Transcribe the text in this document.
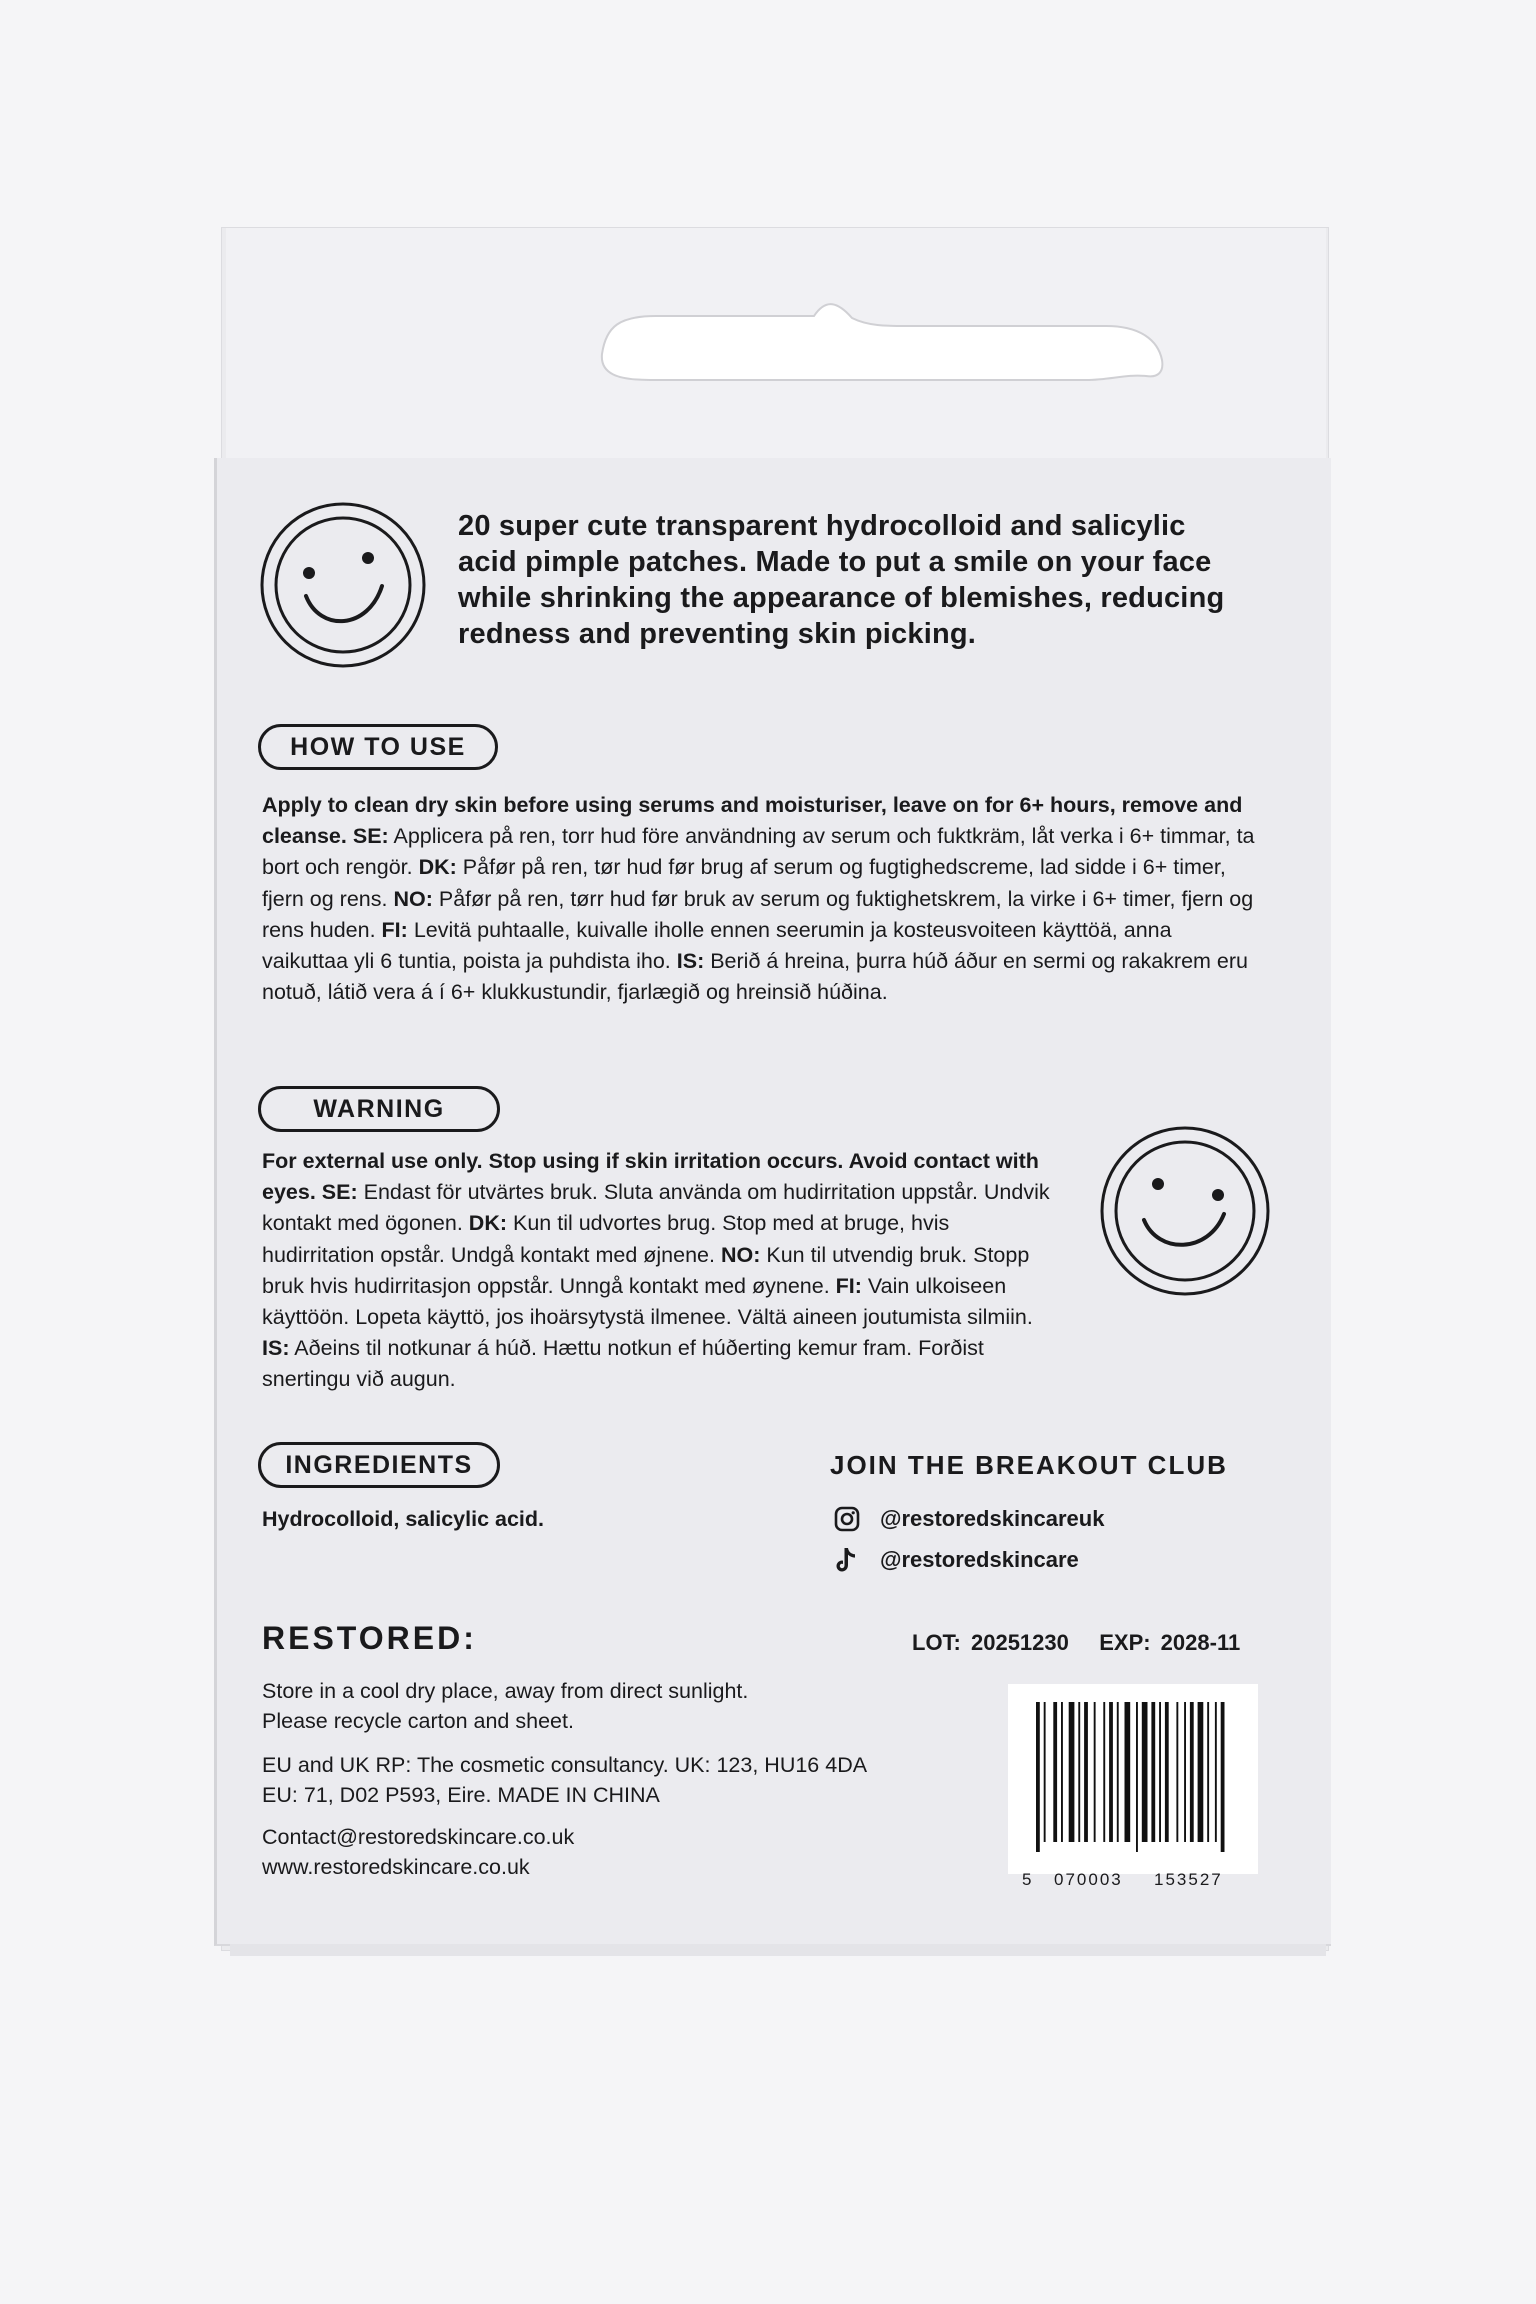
20 super cute transparent hydrocolloid and salicylic acid pimple patches. Made to put a smile on your face while shrinking the appearance of blemishes, reducing redness and preventing skin picking.
HOW TO USE
Apply to clean dry skin before using serums and moisturiser, leave on for 6+ hours, remove and cleanse. SE: Applicera på ren, torr hud före användning av serum och fuktkräm, låt verka i 6+ timmar, ta bort och rengör. DK: Påfør på ren, tør hud før brug af serum og fugtighedscreme, lad sidde i 6+ timer, fjern og rens. NO: Påfør på ren, tørr hud før bruk av serum og fuktighetskrem, la virke i 6+ timer, fjern og rens huden. FI: Levitä puhtaalle, kuivalle iholle ennen seerumin ja kosteusvoiteen käyttöä, anna vaikuttaa yli 6 tuntia, poista ja puhdista iho. IS: Berið á hreina, þurra húð áður en sermi og rakakrem eru notuð, látið vera á í 6+ klukkustundir, fjarlægið og hreinsið húðina.
WARNING
For external use only. Stop using if skin irritation occurs. Avoid contact with eyes. SE: Endast för utvärtes bruk. Sluta använda om hudirritation uppstår. Undvik kontakt med ögonen. DK: Kun til udvortes brug. Stop med at bruge, hvis hudirritation opstår. Undgå kontakt med øjnene. NO: Kun til utvendig bruk. Stopp bruk hvis hudirritasjon oppstår. Unngå kontakt med øynene. FI: Vain ulkoiseen käyttöön. Lopeta käyttö, jos ihoärsytystä ilmenee. Vältä aineen joutumista silmiin. IS: Aðeins til notkunar á húð. Hættu notkun ef húðerting kemur fram. Forðist snertingu við augun.
INGREDIENTS
Hydrocolloid, salicylic acid.
JOIN THE BREAKOUT CLUB
@restoredskincareuk
@restoredskincare
RESTORED:	LOT: 20251230 EXP: 2028-11
Store in a cool dry place, away from direct sunlight.
Please recycle carton and sheet.
EU and UK RP: The cosmetic consultancy. UK: 123, HU16 4DA
EU: 71, D02 P593, Eire. MADE IN CHINA
Contact@restoredskincare.co.uk
www.restoredskincare.co.uk
5 070003 153527
